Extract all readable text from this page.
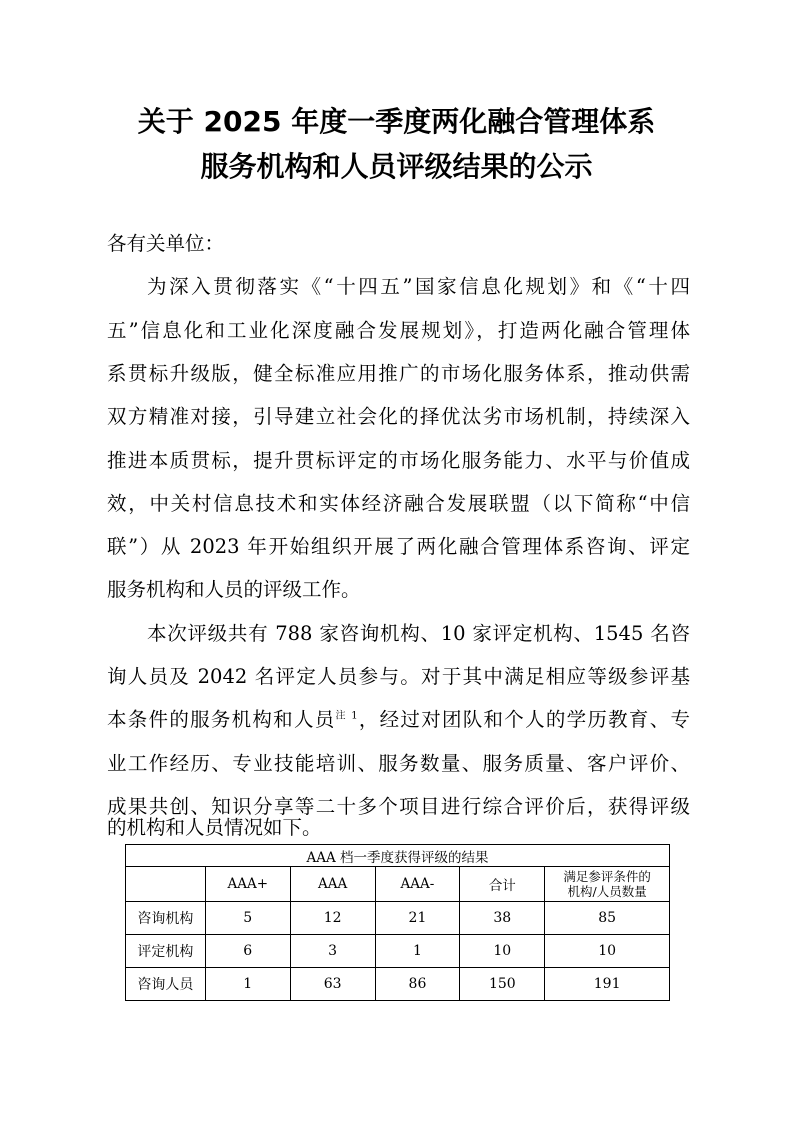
关于 2025 年度一季度两化融合管理体系
服务机构和人员评级结果的公示
各有关单位：
为深入贯彻落实《“十四五”国家信息化规划》和《“十四
五”信息化和工业化深度融合发展规划》，打造两化融合管理体
系贯标升级版，健全标准应用推广的市场化服务体系，推动供需
双方精准对接，引导建立社会化的择优汰劣市场机制，持续深入
推进本质贯标，提升贯标评定的市场化服务能力、水平与价值成
效，中关村信息技术和实体经济融合发展联盟（以下简称“中信
联”）从 2023 年开始组织开展了两化融合管理体系咨询、评定
服务机构和人员的评级工作。
本次评级共有 788 家咨询机构、10 家评定机构、1545 名咨
询人员及 2042 名评定人员参与。对于其中满足相应等级参评基
本条件的服务机构和人员$^{注 1}$，经过对团队和个人的学历教育、专
业工作经历、专业技能培训、服务数量、服务质量、客户评价、
成果共创、知识分享等二十多个项目进行综合评价后，获得评级
的机构和人员情况如下。
AAA 档一季度获得评级的结果					
	AAA+	AAA	AAA-	合计	满足参评条件的
机构/人员数量

咨询机构	5	12	21	38	85
评定机构	6	3	1	10	10
咨询人员	1	63	86	150	191
